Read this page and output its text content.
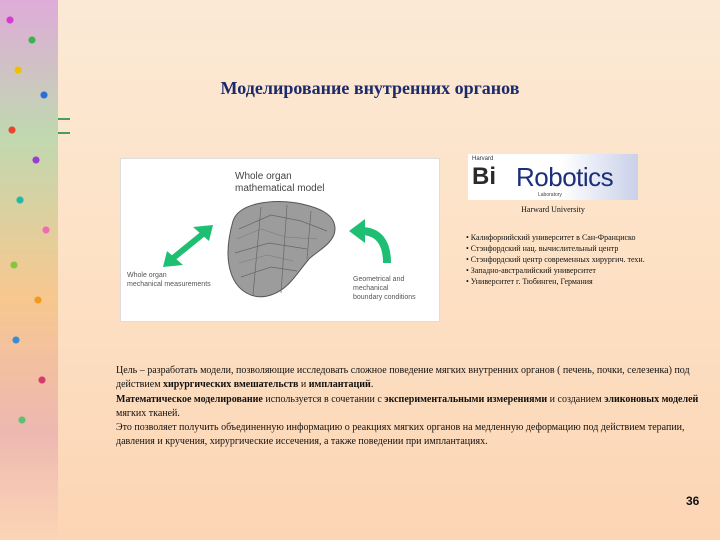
Моделирование внутренних органов
Whole organ
mathematical model
Whole organ
mechanical measurements
Geometrical and mechanical
boundary conditions
Harvard
Bi Robotics
Laboratory
Harward University
• Калифорнийский университет в Сан-Франциско
• Стэнфордский нац. вычислительный центр
• Стэнфордский центр современных хирургич. техн.
• Западно-австралийский университет
• Университет г. Тюбинген, Германия

Цель – разработать модели, позволяющие исследовать сложное поведение мягких внутренних органов ( печень, почки, селезенка) под действием хирургических вмешательств и имплантаций.

Математическое моделирование используется в сочетании с экспериментальными измерениями и созданием эликоновых моделей мягких тканей.

Это позволяет получить объединенную информацию о реакциях мягких органов на медленную деформацию под действием терапии, давления и кручения, хирургические иссечения, а также поведении при имплантациях.

36
